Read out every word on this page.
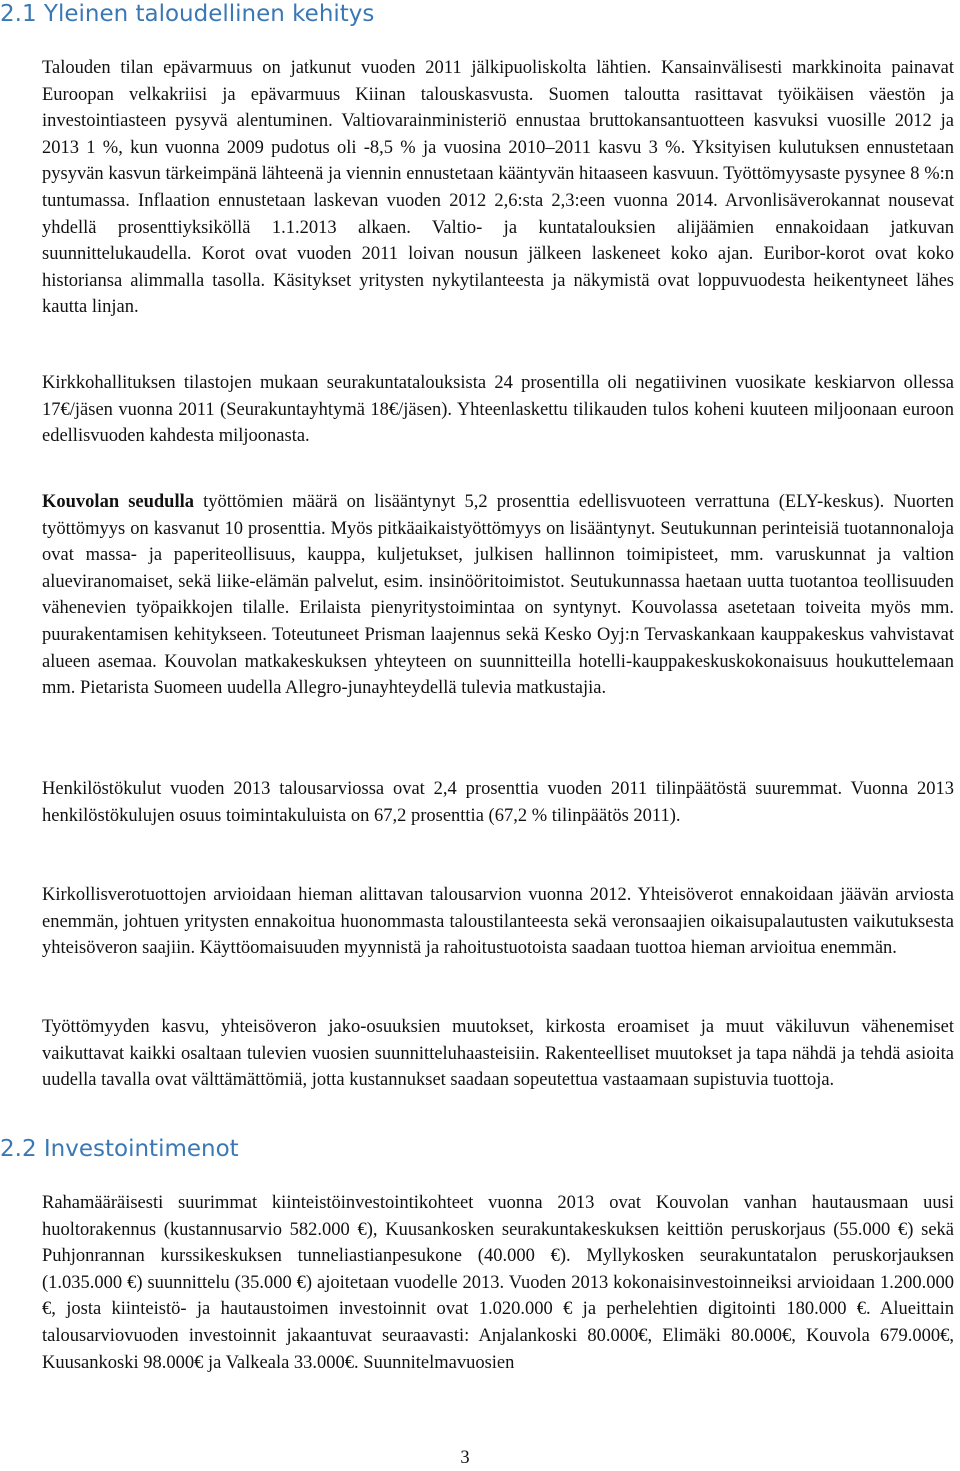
2.1 Yleinen taloudellinen kehitys

Talouden tilan epävarmuus on jatkunut vuoden 2011 jälkipuoliskolta lähtien. Kansainvälisesti markkinoita painavat Euroopan velkakriisi ja epävarmuus Kiinan talouskasvusta. Suomen taloutta rasittavat työikäisen väestön ja investointiasteen pysyvä alentuminen. Valtiovarainministeriö ennustaa bruttokansantuotteen kasvuksi vuosille 2012 ja 2013 1 %, kun vuonna 2009 pudotus oli -8,5 % ja vuosina 2010–2011 kasvu 3 %. Yksityisen kulutuksen ennustetaan pysyvän kasvun tärkeimpänä lähteenä ja viennin ennustetaan kääntyvän hitaaseen kasvuun. Työttömyysaste pysynee 8 %:n tuntumassa. Inflaation ennustetaan laskevan vuoden 2012 2,6:sta 2,3:een vuonna 2014. Arvonlisäverokannat nousevat yhdellä prosenttiyksiköllä 1.1.2013 alkaen. Valtio- ja kuntatalouksien alijäämien ennakoidaan jatkuvan suunnittelukaudella. Korot ovat vuoden 2011 loivan nousun jälkeen laskeneet koko ajan. Euribor-korot ovat koko historiansa alimmalla tasolla. Käsitykset yritysten nykytilanteesta ja näkymistä ovat loppuvuodesta heikentyneet lähes kautta linjan.

Kirkkohallituksen tilastojen mukaan seurakuntatalouksista 24 prosentilla oli negatiivinen vuosikate keskiarvon ollessa 17€/jäsen vuonna 2011 (Seurakuntayhtymä 18€/jäsen). Yhteenlaskettu tilikauden tulos koheni kuuteen miljoonaan euroon edellisvuoden kahdesta miljoonasta.

Kouvolan seudulla työttömien määrä on lisääntynyt 5,2 prosenttia edellisvuoteen verrattuna (ELY-keskus). Nuorten työttömyys on kasvanut 10 prosenttia. Myös pitkäaikaistyöttömyys on lisääntynyt. Seutukunnan perinteisiä tuotannonaloja ovat massa- ja paperiteollisuus, kauppa, kuljetukset, julkisen hallinnon toimipisteet, mm. varuskunnat ja valtion alueviranomaiset, sekä liike-elämän palvelut, esim. insinööritoimistot. Seutukunnassa haetaan uutta tuotantoa teollisuuden vähenevien työpaikkojen tilalle. Erilaista pienyritystoimintaa on syntynyt. Kouvolassa asetetaan toiveita myös mm. puurakentamisen kehitykseen. Toteutuneet Prisman laajennus sekä Kesko Oyj:n Tervaskankaan kauppakeskus vahvistavat alueen asemaa. Kouvolan matkakeskuksen yhteyteen on suunnitteilla hotelli-kauppakeskuskokonaisuus houkuttelemaan mm. Pietarista Suomeen uudella Allegro-junayhteydellä tulevia matkustajia.

Henkilöstökulut vuoden 2013 talousarviossa ovat 2,4 prosenttia vuoden 2011 tilinpäätöstä suuremmat. Vuonna 2013 henkilöstökulujen osuus toimintakuluista on 67,2 prosenttia (67,2 % tilinpäätös 2011).

Kirkollisverotuottojen arvioidaan hieman alittavan talousarvion vuonna 2012. Yhteisöverot ennakoidaan jäävän arviosta enemmän, johtuen yritysten ennakoitua huonommasta taloustilanteesta sekä veronsaajien oikaisupalautusten vaikutuksesta yhteisöveron saajiin. Käyttöomaisuuden myynnistä ja rahoitustuotoista saadaan tuottoa hieman arvioitua enemmän.

Työttömyyden kasvu, yhteisöveron jako-osuuksien muutokset, kirkosta eroamiset ja muut väkiluvun vähenemiset vaikuttavat kaikki osaltaan tulevien vuosien suunnitteluhaasteisiin. Rakenteelliset muutokset ja tapa nähdä ja tehdä asioita uudella tavalla ovat välttämättömiä, jotta kustannukset saadaan sopeutettua vastaamaan supistuvia tuottoja.

2.2 Investointimenot

Rahamääräisesti suurimmat kiinteistöinvestointikohteet vuonna 2013 ovat Kouvolan vanhan hautausmaan uusi huoltorakennus (kustannusarvio 582.000 €), Kuusankosken seurakuntakeskuksen keittiön peruskorjaus (55.000 €) sekä Puhjonrannan kurssikeskuksen tunneliastianpesukone (40.000 €). Myllykosken seurakuntatalon peruskorjauksen (1.035.000 €) suunnittelu (35.000 €) ajoitetaan vuodelle 2013. Vuoden 2013 kokonaisinvestoinneiksi arvioidaan 1.200.000 €, josta kiinteistö- ja hautaustoimen investoinnit ovat 1.020.000 € ja perhelehtien digitointi 180.000 €. Alueittain talousarviovuoden investoinnit jakaantuvat seuraavasti: Anjalankoski 80.000€, Elimäki 80.000€, Kouvola 679.000€, Kuusankoski 98.000€ ja Valkeala 33.000€. Suunnitelmavuosien

3
